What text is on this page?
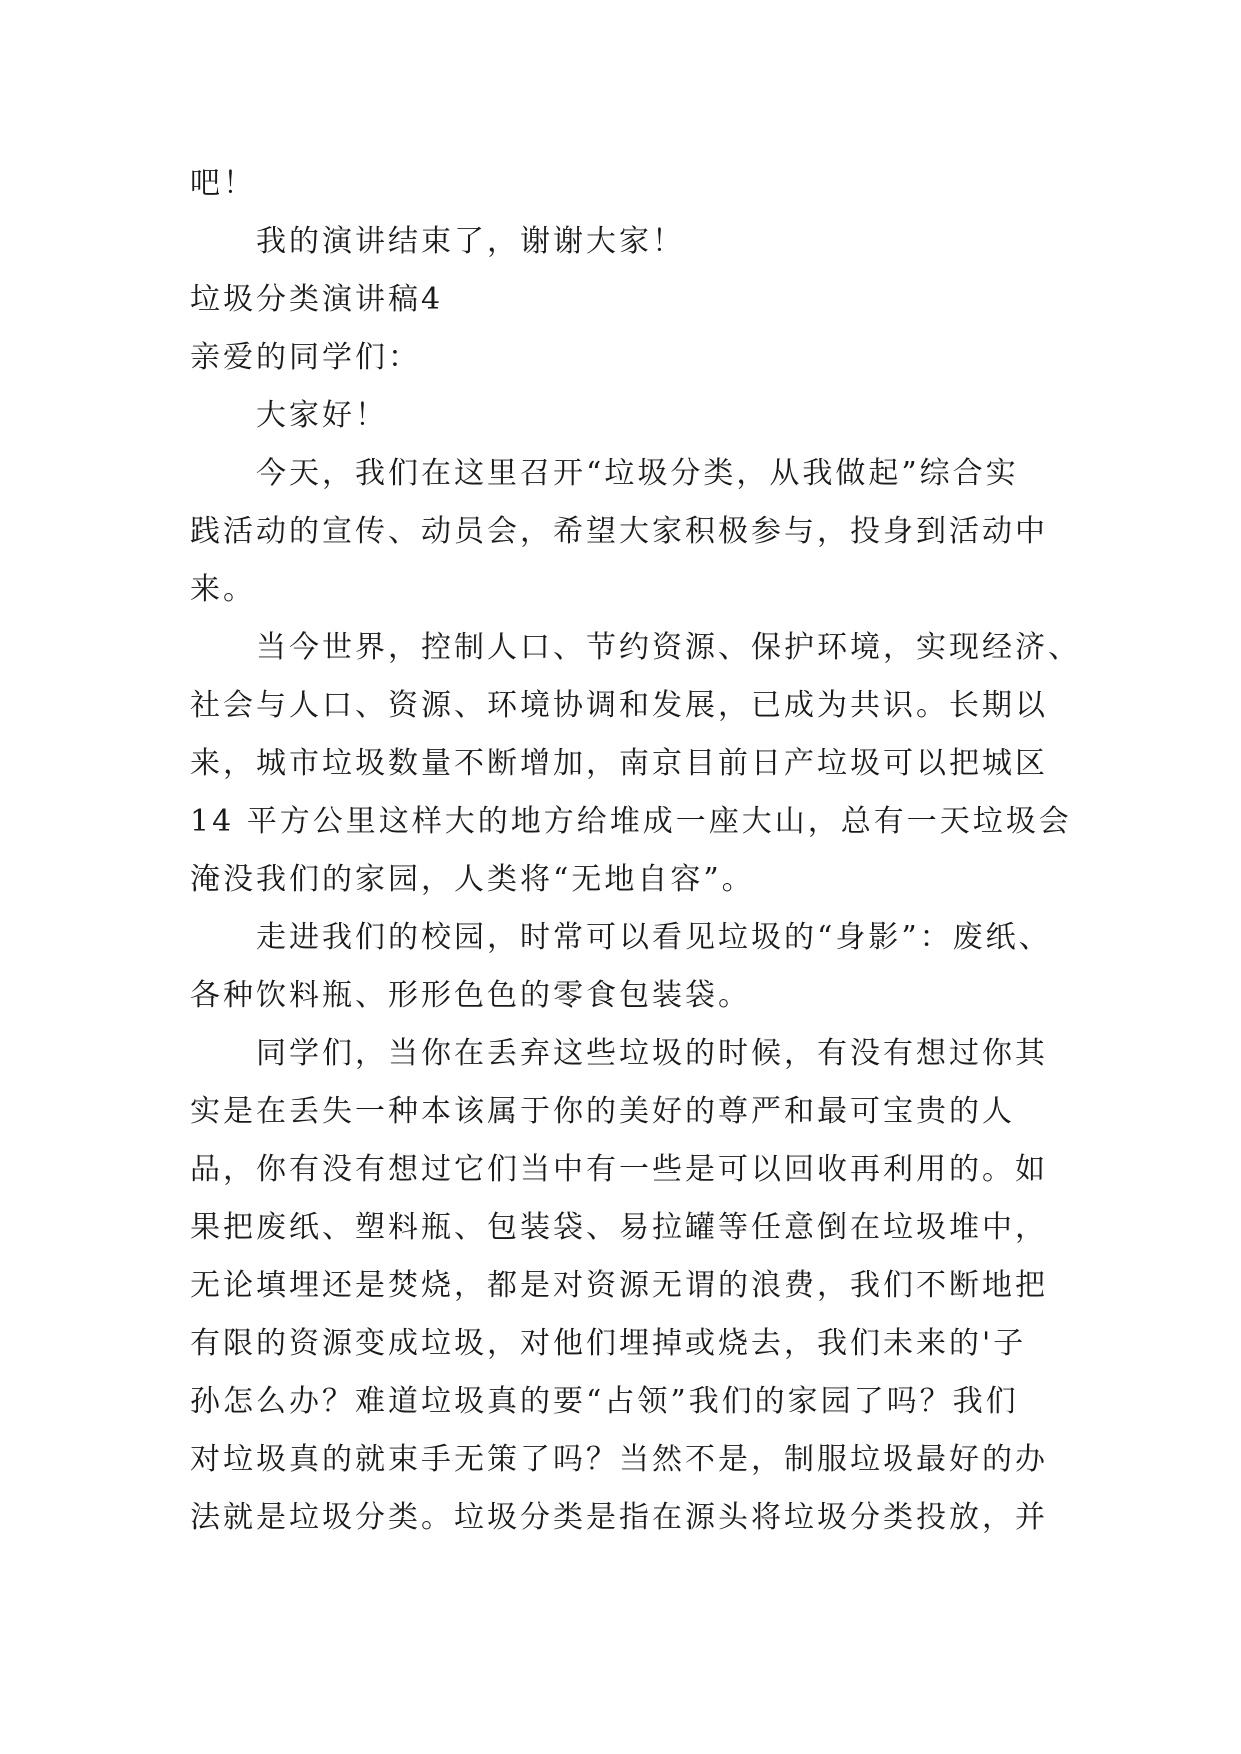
吧！
我的演讲结束了，谢谢大家！
垃圾分类演讲稿4
亲爱的同学们：
大家好！
今天，我们在这里召开“垃圾分类，从我做起”综合实
践活动的宣传、动员会，希望大家积极参与，投身到活动中
来。
当今世界，控制人口、节约资源、保护环境，实现经济、
社会与人口、资源、环境协调和发展，已成为共识。长期以
来，城市垃圾数量不断增加，南京目前日产垃圾可以把城区
14 平方公里这样大的地方给堆成一座大山，总有一天垃圾会
淹没我们的家园，人类将“无地自容”。
走进我们的校园，时常可以看见垃圾的“身影”：废纸、
各种饮料瓶、形形色色的零食包装袋。
同学们，当你在丢弃这些垃圾的时候，有没有想过你其
实是在丢失一种本该属于你的美好的尊严和最可宝贵的人
品，你有没有想过它们当中有一些是可以回收再利用的。如
果把废纸、塑料瓶、包装袋、易拉罐等任意倒在垃圾堆中，
无论填埋还是焚烧，都是对资源无谓的浪费，我们不断地把
有限的资源变成垃圾，对他们埋掉或烧去，我们未来的'子
孙怎么办？难道垃圾真的要“占领”我们的家园了吗？我们
对垃圾真的就束手无策了吗？当然不是，制服垃圾最好的办
法就是垃圾分类。垃圾分类是指在源头将垃圾分类投放，并
